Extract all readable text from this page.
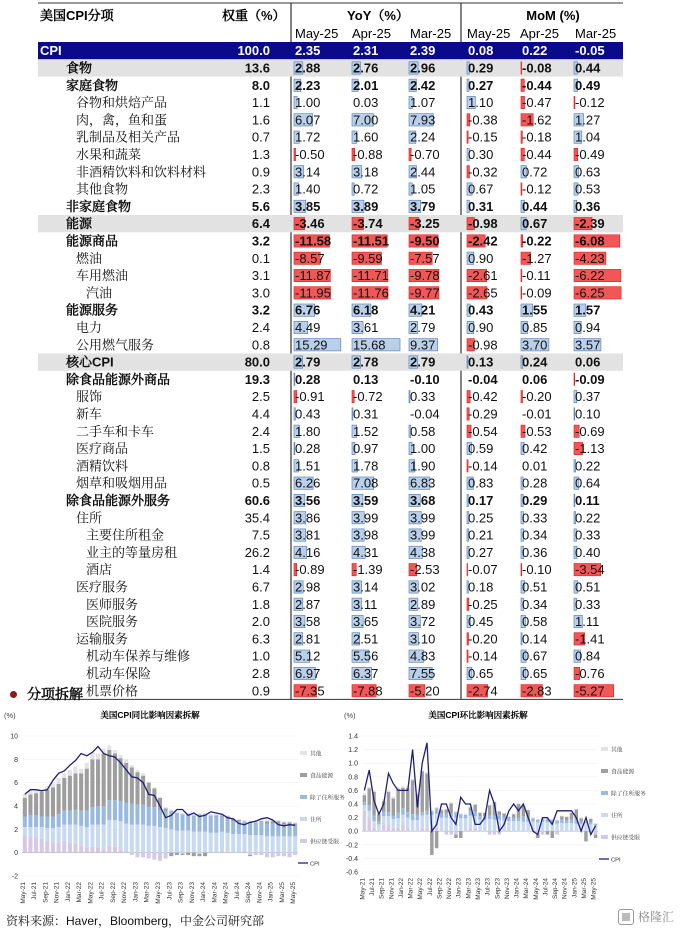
美国CPI分项	权重（%）	YoY（%）	MoM (%)
May-25 Apr-25 Mar-25 May-25 Apr-25 Mar-25
CPI	100.0 2.35	2.31 2.39	0.08 0.22 -0.05
食物	13.6 2.88	2.76 2.96	0.29 -0.08 0.44
家庭食物	8.0 2.23	2.01 2.42	0.27 -0.44 0.49
谷物和烘焙产品	1.1 1.00	0.03 1.07	1.10 -0.47 -0.12
肉，禽，鱼和蛋	1.6 6.07	7.00 7.93	-0.38 -1.62 1.27
乳制品及相关产品	0.7 1.72	1.60 2.24	-0.15 -0.18 1.04
水果和蔬菜	1.3 -0.50 -0.88 -0.70 0.30 -0.44 -0.49
非酒精饮料和饮料材料	0.9 3.14	3.18 2.44	-0.32 0.72 0.63
其他食物	2.3 1.40	0.72 1.05	0.67 -0.12 0.53
非家庭食物	5.6 3.85	3.89 3.79	0.31 0.44 0.36
能源	6.4 -3.46 -3.74 -3.25 -0.98 0.67 -2.39
能源商品	3.2 -11.58 -11.51 -9.50 -2.42 -0.22 -6.08
燃油	0.1 -8.57 -9.59 -7.57 0.90 -1.27 -4.23
车用燃油	3.1 -11.87 -11.71 -9.78 -2.61 -0.11 -6.22
汽油	3.0 -11.95 -11.76 -9.77 -2.65 -0.09 -6.25
能源服务	3.2 6.76	6.18 4.21	0.43 1.55 1.57
电力	2.4 4.49	3.61 2.79	0.90 0.85 0.94
公用燃气服务	0.8 15.29 15.68 9.37	-0.98 3.70 3.57
核心CPI	80.0 2.79	2.78 2.79	0.13 0.24 0.06
除食品能源外商品	19.3 0.28	0.13 -0.10 -0.04 0.06 -0.09
服饰	2.5 -0.91 -0.72 0.33	-0.42 -0.20 0.37
新车	4.4 0.43	0.31 -0.04 -0.29 -0.01 0.10
二手车和卡车	2.4 1.80	1.52 0.58	-0.54 -0.53 -0.69
医疗商品	1.5 0.28	0.97 1.00	0.59 0.42 -1.13
酒精饮料	0.8 1.51	1.78 1.90	-0.14 0.01 0.22
烟草和吸烟用品	0.5 6.26	7.08 6.83	0.83 0.28 0.64
除食品能源外服务	60.6 3.56	3.59 3.68	0.17 0.29 0.11
住所	35.4 3.86	3.99 3.99	0.25 0.33 0.22
主要住所租金	7.5 3.81	3.98 3.99	0.21 0.34 0.33
业主的等量房租	26.2 4.16	4.31 4.38	0.27 0.36 0.40
酒店	1.4 -0.89 -1.39 -2.53 -0.07 -0.10 -3.54
医疗服务	6.7 2.98	3.14 3.02	0.18 0.51 0.51
医师服务	1.8 2.87	3.11	2.89	-0.25 0.34 0.33
医院服务	2.0 3.58	3.65 3.72	0.45 0.58 1.11
运输服务	6.3 2.81	2.51 3.10	-0.20 0.14 -1.41
机动车保养与维修	1.0 5.12	5.56 4.83	-0.14 0.67 0.84
机动车保险	2.8 6.97	6.37 7.55	0.65 0.65 -0.76
机票价格	0.9 -7.35 -7.88 -5.20 -2.74 -2.83 -5.27
分项拆解
美国CPI同比影响因素拆解
(%)
-2
0
2
4
6
8
10
May-21 Jul-21 Sep-21 Nov-21 Jan-22 Mar-22 May-22 Jul-22 Sep-22 Nov-22 Jan-23 Mar-23 May-23 Jul-23 Sep-23 Nov-23 Jan-24 Mar-24 May-24 Jul-24 Sep-24 Nov-24 Jan-25 Mar-25 May-25
其他
食品能源
除了住所服务
住所
供应链受限
CPI
美国CPI环比影响因素拆解
(%)
-0.6
-0.4
-0.2
0.0
0.2
0.4
0.6
0.8
1.0
1.2
1.4
May-21 Jul-21 Sep-21 Nov-21 Jan-22 Mar-22 May-22 Jul-22 Sep-22 Nov-22 Jan-23 Mar-23 May-23 Jul-23 Sep-23 Nov-23 Jan-24 Mar-24 May-24 Jul-24 Sep-24 Nov-24 Jan-25 Mar-25 May-25
其他
食品能源
除了住所服务
住所
供应链受限
CPI
资料来源：Haver，Bloomberg，中金公司研究部	格隆汇
